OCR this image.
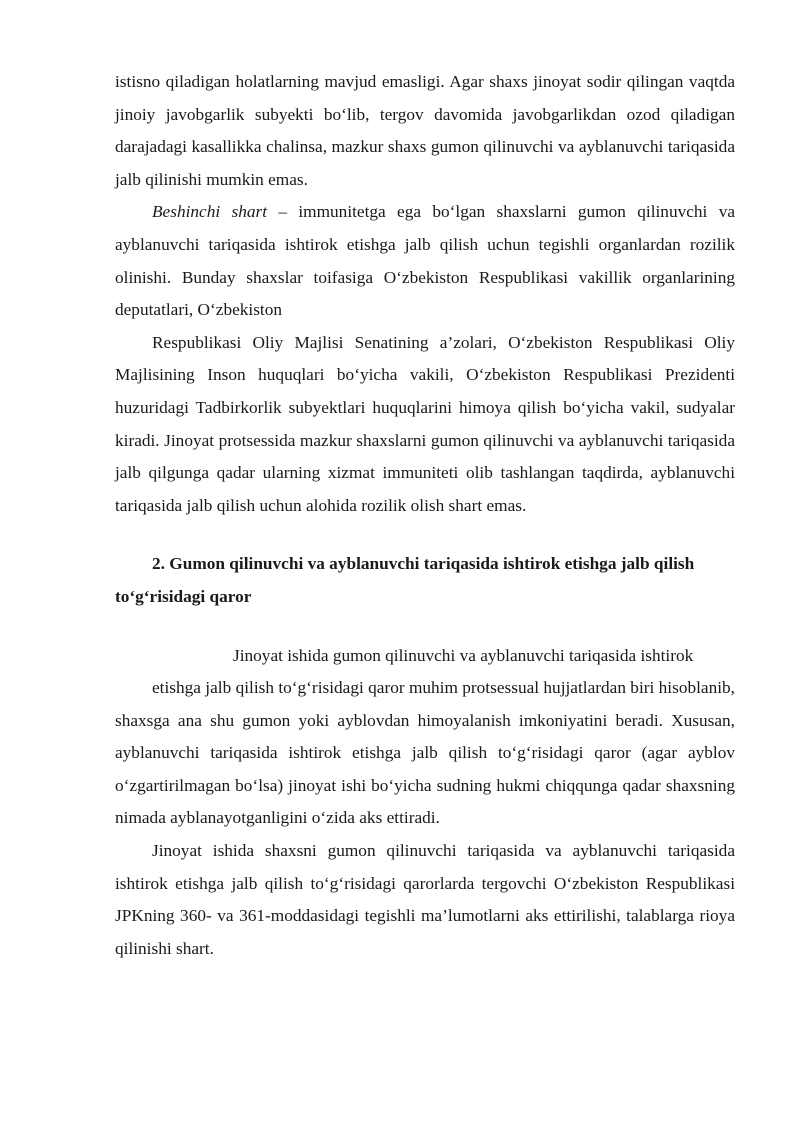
istisno qiladigan holatlarning mavjud emasligi. Agar shaxs jinoyat sodir qilingan vaqtda jinoiy javobgarlik subyekti bo‘lib, tergov davomida javobgarlikdan ozod qiladigan darajadagi kasallikka chalinsa, mazkur shaxs gumon qilinuvchi va ayblanuvchi tariqasida jalb qilinishi mumkin emas.

Beshinchi shart – immunitetga ega bo‘lgan shaxslarni gumon qilinuvchi va ayblanuvchi tariqasida ishtirok etishga jalb qilish uchun tegishli organlardan rozilik olinishi. Bunday shaxslar toifasiga O‘zbekiston Respublikasi vakillik organlarining deputatlari, O‘zbekiston

Respublikasi Oliy Majlisi Senatining a’zolari, O‘zbekiston Respublikasi Oliy Majlisining Inson huquqlari bo‘yicha vakili, O‘zbekiston Respublikasi Prezidenti huzuridagi Tadbirkorlik subyektlari huquqlarini himoya qilish bo‘yicha vakil, sudyalar kiradi. Jinoyat protsessida mazkur shaxslarni gumon qilinuvchi va ayblanuvchi tariqasida jalb qilgunga qadar ularning xizmat immuniteti olib tashlangan taqdirda, ayblanuvchi tariqasida jalb qilish uchun alohida rozilik olish shart emas.

2. Gumon qilinuvchi va ayblanuvchi tariqasida ishtirok etishga jalb qilish to‘g‘risidagi qaror

Jinoyat ishida gumon qilinuvchi va ayblanuvchi tariqasida ishtirok

etishga jalb qilish to‘g‘risidagi qaror muhim protsessual hujjatlardan biri hisoblanib, shaxsga ana shu gumon yoki ayblovdan himoyalanish imkoniyatini beradi. Xususan, ayblanuvchi tariqasida ishtirok etishga jalb qilish to‘g‘risidagi qaror (agar ayblov o‘zgartirilmagan bo‘lsa) jinoyat ishi bo‘yicha sudning hukmi chiqqunga qadar shaxsning nimada ayblanayotganligini o‘zida aks ettiradi.

Jinoyat ishida shaxsni gumon qilinuvchi tariqasida va ayblanuvchi tariqasida ishtirok etishga jalb qilish to‘g‘risidagi qarorlarda tergovchi O‘zbekiston Respublikasi JPKning 360- va 361-moddasidagi tegishli ma’lumotlarni aks ettirilishi, talablarga rioya qilinishi shart.
